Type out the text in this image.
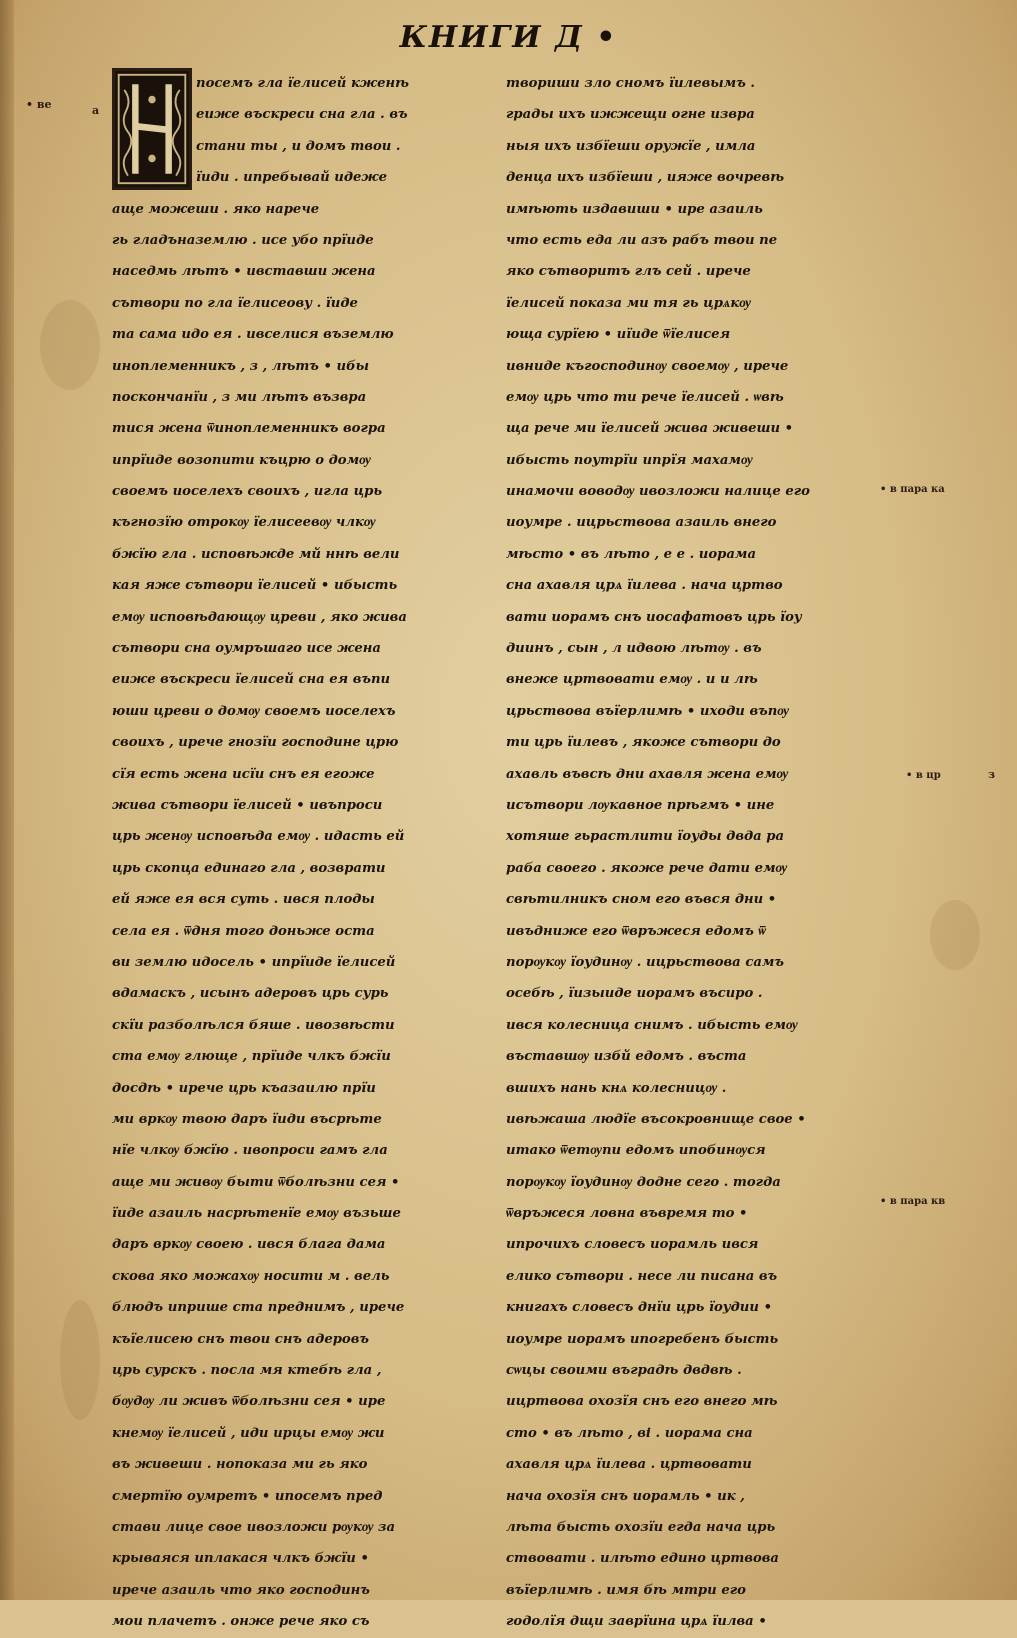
КНИГИ Д •
• ве	а
посемъ гла їелисей кженѣ
еиже въскреси сна гла . въ
стани ты , и домъ твои .
їиди . ипребывай идеже
аще можеши . яко нарече
гь гладъназемлю . исе убо прїиде
наседмь лѣтъ • ивставши жена
сътвори по гла їелисеову . їиде
та сама идо ея . ивселися въземлю
иноплеменникъ , з , лѣтъ • ибы
поскончанїи , з ми лѣтъ възвра
тися жена ѿиноплеменникъ вогра
ипрїиде возопити къцрю о домѹ
своемъ иоселехъ своихъ , игла црь
къгнозїю отрокѹ їелисеевѹ члкѹ
бжїю гла . исповѣжде мй ннѣ вели
кая яже сътвори їелисей • ибысть
емѹ исповѣдающѹ цреви , яко жива
сътвори сна оумръшаго исе жена
еиже въскреси їелисей сна ея въпи
юши цреви о домѹ своемъ иоселехъ
своихъ , ирече гнозїи господине црю
сїя есть жена исїи снъ ея егоже
жива сътвори їелисей • ивъпроси
црь женѹ исповѣда емѹ . идасть ей
црь скопца единаго гла , возврати
ей яже ея вся суть . ився плоды
села ея . ѿдня того доньже оста
ви землю идосель • ипрїиде їелисей
вдамаскъ , исынъ адеровъ црь сурь
скїи разболѣлся бяше . ивозвѣсти
ста емѹ глюще , прїиде члкъ бжїи
досдѣ • ирече црь къазаилю прїи
ми вркѹ твою даръ їиди въсрѣте
нїе члкѹ бжїю . ивопроси гамъ гла
аще ми живѹ быти ѿболѣзни сея •
їиде азаиль насрѣтенїе емѹ възьше
даръ вркѹ своею . ився блага дама
скова яко можахѹ носити м . вель
блюдъ иприше ста преднимъ , ирече
къїелисею снъ твои снъ адеровъ
црь сурскъ . посла мя ктебѣ гла ,
бѹдѹ ли живъ ѿболѣзни сея • ире
кнемѹ їелисей , иди ирцы емѹ жи
въ живеши . нопоказа ми гь яко
смертїю оумретъ • ипосемъ пред
стави лице свое ивозложи рѹкѹ за
крываяся иплакася члкъ бжїи •
ирече азаиль что яко господинъ
мои плачетъ . онже рече яко съ
твориши зло сномъ їилевымъ .
грады ихъ ижжещи огне извра
ныя ихъ избїеши оружїе , имла
денца ихъ избїеши , ияже вочревѣ
имѣють издавиши • ире азаиль
что есть еда ли азъ рабъ твои пе
яко сътворитъ глъ сей . ирече
їелисей показа ми тя гь црѧкѹ
юща сурїею • иїиде ѿїелисея
ивниде къгосподинѹ своемѹ , ирече
емѹ црь что ти рече їелисей . ѡвѣ
ща рече ми їелисей жива живеши •
ибысть поутрїи ипрїя махамѹ
инамочи воводѹ ивозложи налице его
иоумре . ицрьствова азаиль внего
мѣсто • въ лѣто , е е . иорама
сна ахавля црѧ їилева . нача цртво
вати иорамъ снъ иосафатовъ црь їоу
диинъ , сын , л идвою лѣтѹ . въ
внеже цртвовати емѹ . и и лѣ
црьствова въїерлимѣ • иходи въпѹ
ти црь їилевъ , якоже сътвори до
ахавль въвсѣ дни ахавля жена емѹ
исътвори лѹкавное прѣгмъ • ине
хотяше гьрастлити їоуды двда ра
раба своего . якоже рече дати емѹ
свѣтилникъ сном его въвся дни •
ивъдниже его ѿвръжеся едомъ ѿ
порѹкѹ їоудинѹ . ицрьствова самъ
осебѣ , їизыиде иорамъ въсиро .
ився колесница снимъ . ибысть емѹ
въставшѹ избй едомъ . въста
вшихъ нань кнѧ колесницѹ .
ивѣжаша людїе въсокровнище свое •
итако ѿетѹпи едомъ ипобинѹся
порѹкѹ їоудинѹ додне сего . тогда
ѿвръжеся ловна въвремя то •
ипрочихъ словесъ иорамль ився
елико сътвори . несе ли писана въ
книгахъ словесъ днїи црь їоудии •
иоумре иорамъ ипогребенъ бысть
сѡцы своими въградѣ двдвѣ .
ицртвова охозїя снъ его внего мѣ
сто • въ лѣто , ві . иорама сна
ахавля црѧ їилева . цртвовати
нача охозїя снъ иорамль • ик ,
лѣта бысть охозїи егда нача црь
ствовати . илѣто едино цртвова
въїерлимѣ . имя бѣ мтри его
годолїя дщи заврїина црѧ їилва •
• в пара ка
• в цр	з
• в пара кв
